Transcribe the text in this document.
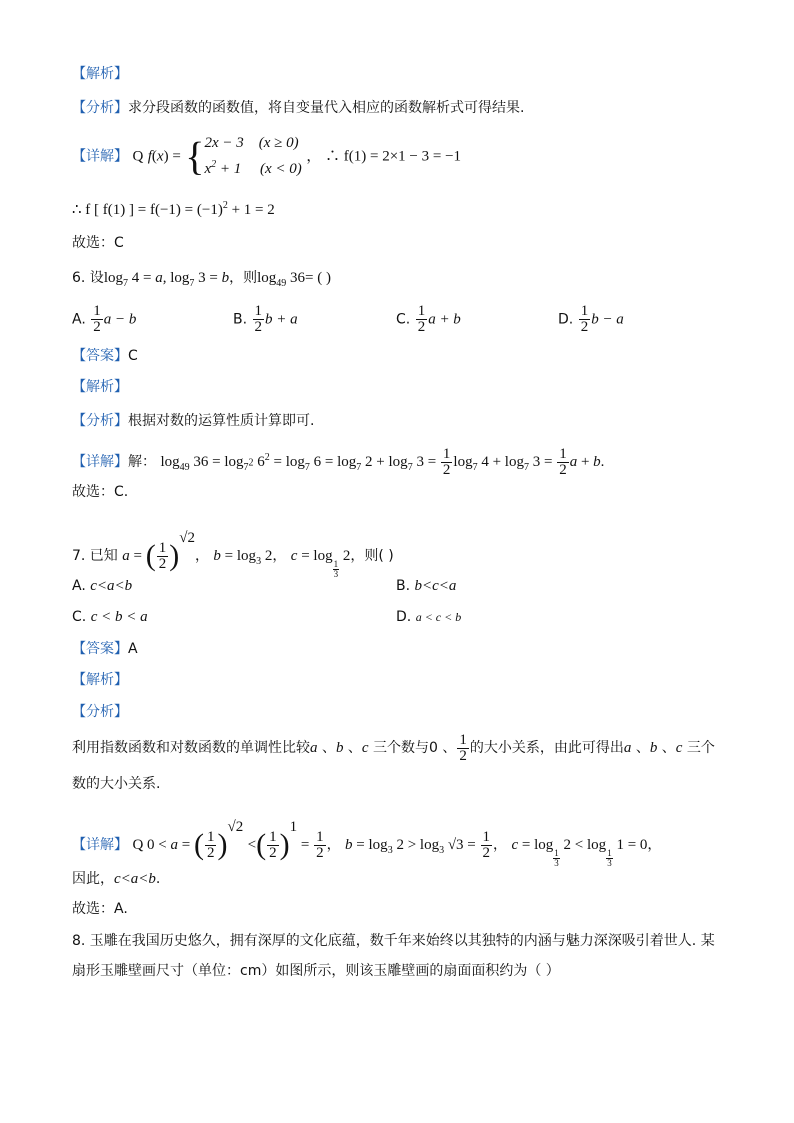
【解析】
【分析】求分段函数的函数值，将自变量代入相应的函数解析式可得结果.
【详解】 Q f(x) = { 2x − 3    (x ≥ 0)
$x^2 + 1$     (x < 0)
， ∴ f(1) = 2×1 − 3 = −1
∴ f [ f(1) ] = $f(-1) = (-1)^2 + 1 = 2$
故选：C
6. 设$\log_7 4 = a$, $\log_7 3 = b$，则$\log_{49} 36=$ ( )
A. $\frac{1}{2}$ a − b	B. $\frac{1}{2}$ b + a	C. $\frac{1}{2}$ a + b	D. $\frac{1}{2}$ b − a
【答案】C
【解析】
【分析】根据对数的运算性质计算即可.
【详解】解： $\log_{49} 36 = \log_{7^2} 6^2 = \log_7 6 = \log_7 2 + \log_7 3 = \frac{1}{2} \log_7 4 + \log_7 3 = \frac{1}{2}$ a + b.
故选：C.
7. 已知 a = ( $\frac{1}{2} )^{√2}$， $b = \log_3 2$， c = log
$\frac{1}{3}$
2，则( )
A. c<a<b	B. b<c<a
C. c < b < a	D. a < c < b
【答案】A
【解析】
【分析】
利用指数函数和对数函数的单调性比较a 、b 、c 三个数与0 、 $\frac{1}{2}$ 的大小关系，由此可得出a 、b 、c 三个
数的大小关系.
【详解】 Q 0 < a = ( $\frac{1}{2} )^{√2}$ <( $\frac{1}{2} )^1 = \frac{1}{2}$ ， $b = \log_3 2 > \log_3 √3 = \frac{1}{2}$ ， c = log
$\frac{1}{3}$
2 < log
$\frac{1}{3}$
1 = 0，
因此，c<a<b.
故选：A.
8. 玉雕在我国历史悠久，拥有深厚的文化底蕴，数千年来始终以其独特的内涵与魅力深深吸引着世人. 某
扇形玉雕壁画尺寸（单位：cm）如图所示，则该玉雕壁画的扇面面积约为（ ）
